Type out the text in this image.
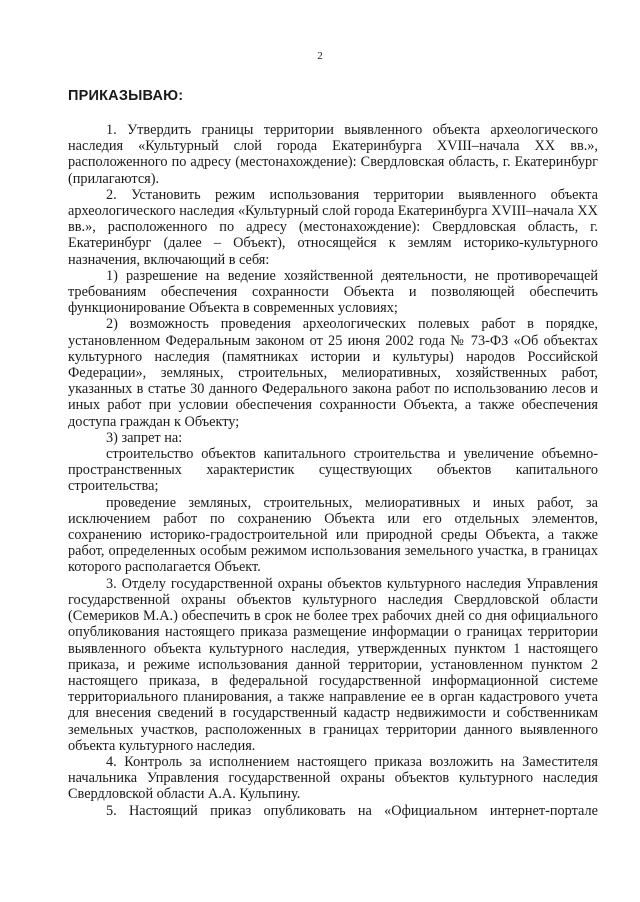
2
ПРИКАЗЫВАЮ:

1. Утвердить границы территории выявленного объекта археологического наследия «Культурный слой города Екатеринбурга XVIII–начала XX вв.», расположенного по адресу (местонахождение): Свердловская область, г. Екатеринбург (прилагаются).

2. Установить режим использования территории выявленного объекта археологического наследия «Культурный слой города Екатеринбурга XVIII–начала XX вв.», расположенного по адресу (местонахождение): Свердловская область, г. Екатеринбург (далее – Объект), относящейся к землям историко-культурного назначения, включающий в себя:

1) разрешение на ведение хозяйственной деятельности, не противоречащей требованиям обеспечения сохранности Объекта и позволяющей обеспечить функционирование Объекта в современных условиях;

2) возможность проведения археологических полевых работ в порядке, установленном Федеральным законом от 25 июня 2002 года № 73-ФЗ «Об объектах культурного наследия (памятниках истории и культуры) народов Российской Федерации», земляных, строительных, мелиоративных, хозяйственных работ, указанных в статье 30 данного Федерального закона работ по использованию лесов и иных работ при условии обеспечения сохранности Объекта, а также обеспечения доступа граждан к Объекту;

3) запрет на:

строительство объектов капитального строительства и увеличение объемно-пространственных характеристик существующих объектов капитального строительства;

проведение земляных, строительных, мелиоративных и иных работ, за исключением работ по сохранению Объекта или его отдельных элементов, сохранению историко-градостроительной или природной среды Объекта, а также работ, определенных особым режимом использования земельного участка, в границах которого располагается Объект.

3. Отделу государственной охраны объектов культурного наследия Управления государственной охраны объектов культурного наследия Свердловской области (Семериков М.А.) обеспечить в срок не более трех рабочих дней со дня официального опубликования настоящего приказа размещение информации о границах территории выявленного объекта культурного наследия, утвержденных пунктом 1 настоящего приказа, и режиме использования данной территории, установленном пунктом 2 настоящего приказа, в федеральной государственной информационной системе территориального планирования, а также направление ее в орган кадастрового учета для внесения сведений в государственный кадастр недвижимости и собственникам земельных участков, расположенных в границах территории данного выявленного объекта культурного наследия.

4. Контроль за исполнением настоящего приказа возложить на Заместителя начальника Управления государственной охраны объектов культурного наследия Свердловской области А.А. Кульпину.

5. Настоящий приказ опубликовать на «Официальном интернет-портале
